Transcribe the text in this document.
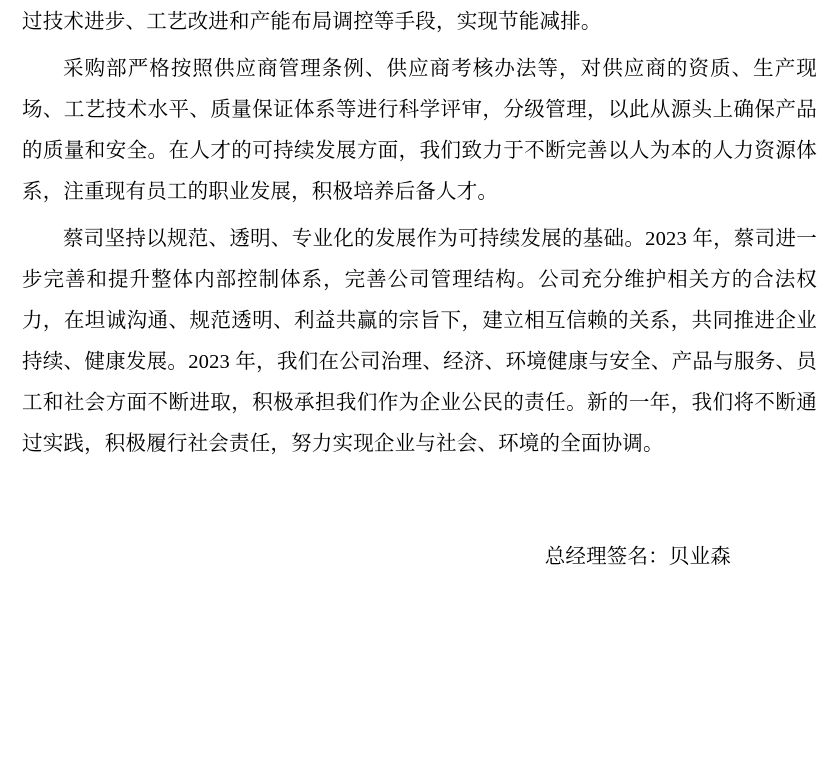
过技术进步、工艺改进和产能布局调控等手段，实现节能减排。

采购部严格按照供应商管理条例、供应商考核办法等，对供应商的资质、生产现场、工艺技术水平、质量保证体系等进行科学评审，分级管理，以此从源头上确保产品的质量和安全。在人才的可持续发展方面，我们致力于不断完善以人为本的人力资源体系，注重现有员工的职业发展，积极培养后备人才。

蔡司坚持以规范、透明、专业化的发展作为可持续发展的基础。2023 年，蔡司进一步完善和提升整体内部控制体系，完善公司管理结构。公司充分维护相关方的合法权力，在坦诚沟通、规范透明、利益共赢的宗旨下，建立相互信赖的关系，共同推进企业持续、健康发展。2023 年，我们在公司治理、经济、环境健康与安全、产品与服务、员工和社会方面不断进取，积极承担我们作为企业公民的责任。新的一年，我们将不断通过实践，积极履行社会责任，努力实现企业与社会、环境的全面协调。

总经理签名：贝业森
